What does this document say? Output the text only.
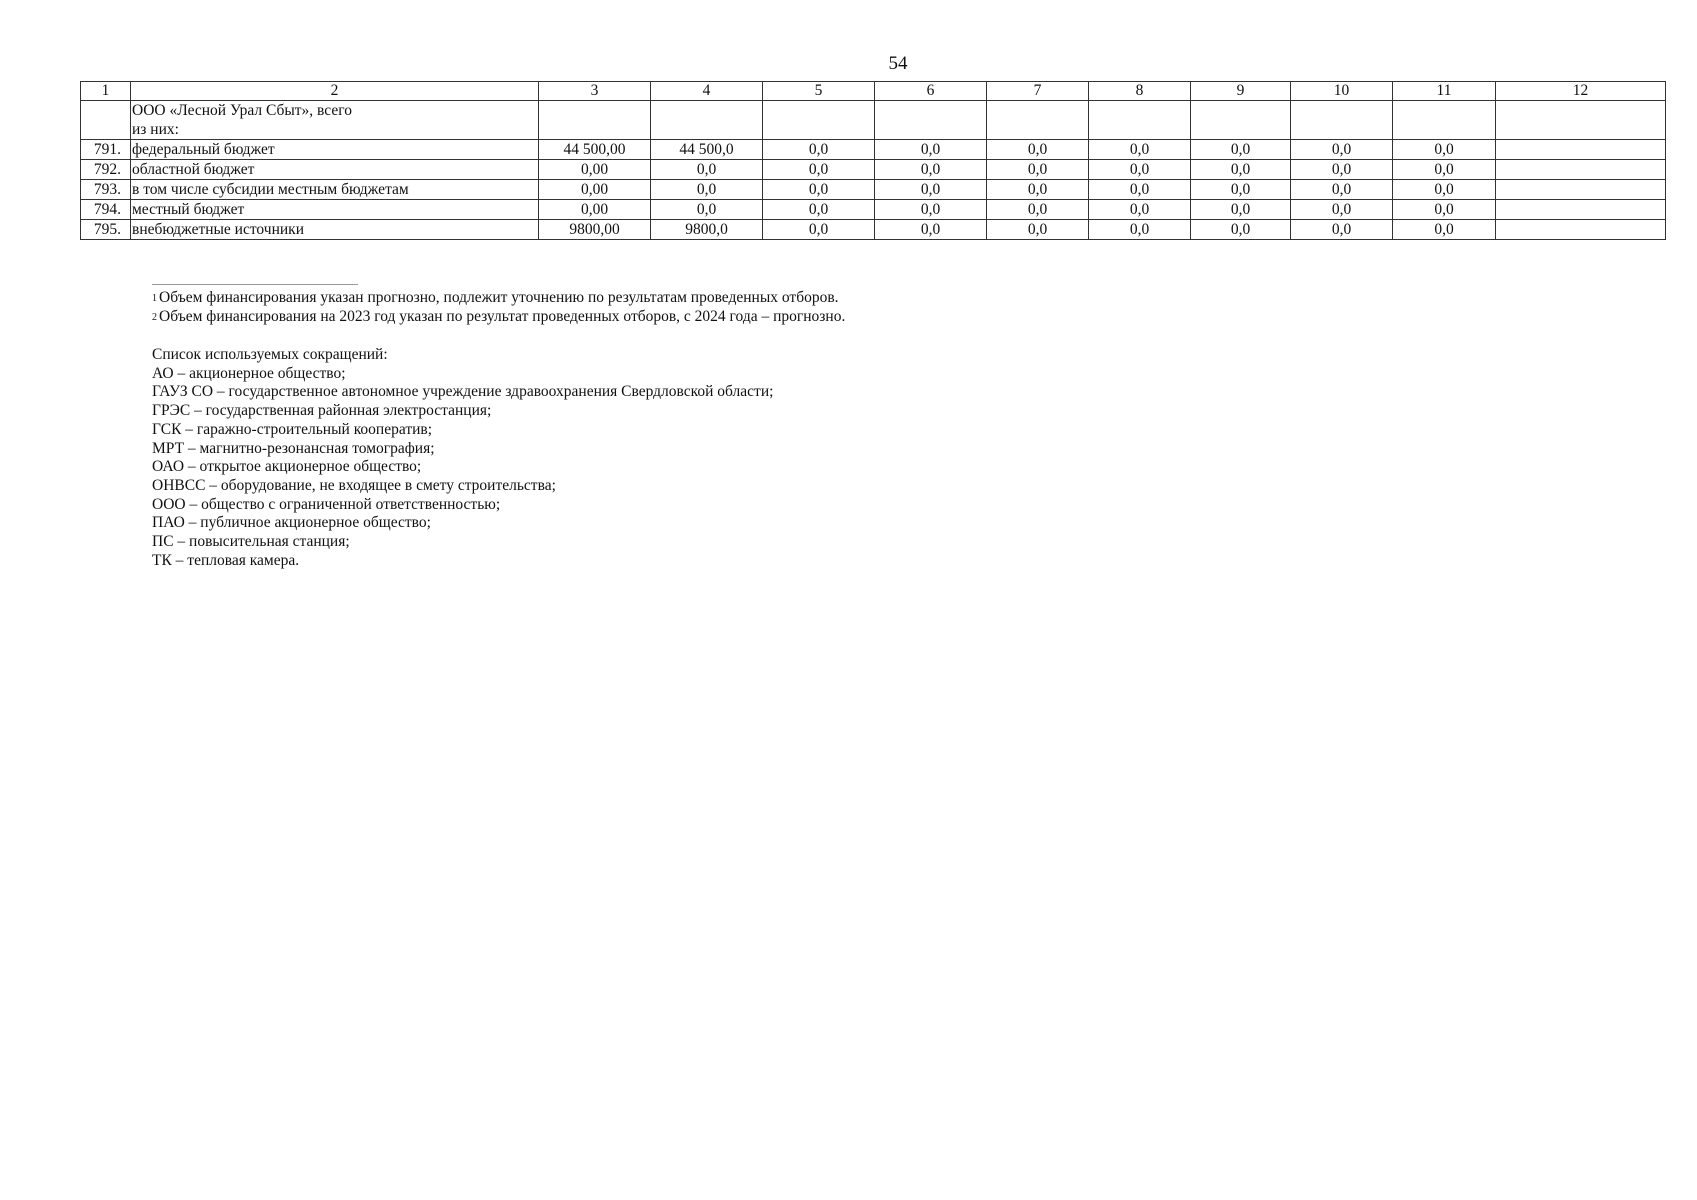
54
1	2	3	4	5	6	7	8	9	10	11	12

	ООО «Лесной Урал Сбыт», всего
из них:										

791.	федеральный бюджет	44 500,00	44 500,0	0,0	0,0	0,0	0,0	0,0	0,0	0,0	
792.	областной бюджет	0,00	0,0	0,0	0,0	0,0	0,0	0,0	0,0	0,0	
793.	в том числе субсидии местным бюджетам	0,00	0,0	0,0	0,0	0,0	0,0	0,0	0,0	0,0	
794.	местный бюджет	0,00	0,0	0,0	0,0	0,0	0,0	0,0	0,0	0,0	
795.	внебюджетные источники	9800,00	9800,0	0,0	0,0	0,0	0,0	0,0	0,0	0,0	
$^1$ Объем финансирования указан прогнозно, подлежит уточнению по результатам проведенных отборов.
$^2$ Объем финансирования на 2023 год указан по результат проведенных отборов, с 2024 года – прогнозно.
Список используемых сокращений:
АО – акционерное общество;
ГАУЗ СО – государственное автономное учреждение здравоохранения Свердловской области;
ГРЭС – государственная районная электростанция;
ГСК – гаражно-строительный кооператив;
МРТ – магнитно-резонансная томография;
ОАО – открытое акционерное общество;
ОНВСС – оборудование, не входящее в смету строительства;
ООО – общество с ограниченной ответственностью;
ПАО – публичное акционерное общество;
ПС – повысительная станция;
ТК – тепловая камера.
